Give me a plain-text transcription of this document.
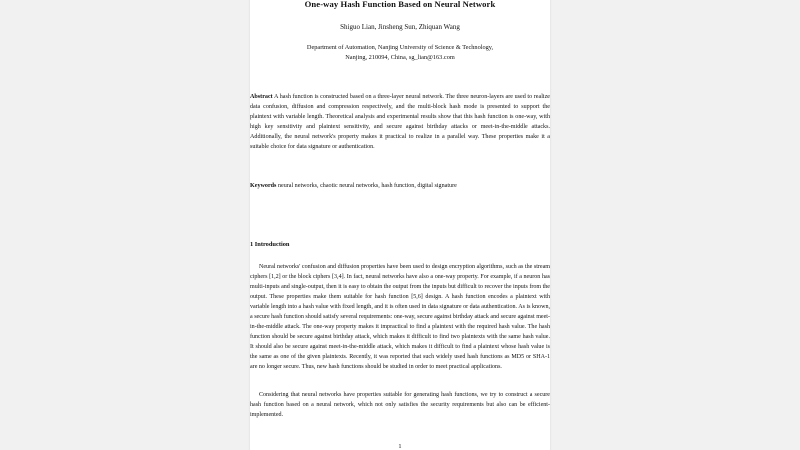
One-way Hash Function Based on Neural Network
Shiguo Lian, Jinsheng Sun, Zhiquan Wang
Department of Automation, Nanjing University of Science & Technology,
Nanjing, 210094, China, sg_lian@163.com
Abstract A hash function is constructed based on a three-layer neural network. The three neuron-layers are used to realize data confusion, diffusion and compression respectively, and the multi-block hash mode is presented to support the plaintext with variable length. Theoretical analysis and experimental results show that this hash function is one-way, with high key sensitivity and plaintext sensitivity, and secure against birthday attacks or meet-in-the-middle attacks. Additionally, the neural network's property makes it practical to realize in a parallel way. These properties make it a suitable choice for data signature or authentication.
Keywords neural networks, chaotic neural networks, hash function, digital signature
1 Introduction
Neural networks' confusion and diffusion properties have been used to design encryption algorithms, such as the stream ciphers [1,2] or the block ciphers [3,4]. In fact, neural networks have also a one-way property. For example, if a neuron has multi-inputs and single-output, then it is easy to obtain the output from the inputs but difficult to recover the inputs from the output. These properties make them suitable for hash function [5,6] design. A hash function encodes a plaintext with variable length into a hash value with fixed length, and it is often used in data signature or data authentication. As is known, a secure hash function should satisfy several requirements: one-way, secure against birthday attack and secure against meet-in-the-middle attack. The one-way property makes it impractical to find a plaintext with the required hash value. The hash function should be secure against birthday attack, which makes it difficult to find two plaintexts with the same hash value. It should also be secure against meet-in-the-middle attack, which makes it difficult to find a plaintext whose hash value is the same as one of the given plaintexts. Recently, it was reported that such widely used hash functions as MD5 or SHA-1 are no longer secure. Thus, new hash functions should be studied in order to meet practical applications.
Considering that neural networks have properties suitable for generating hash functions, we try to construct a secure hash function based on a neural network, which not only satisfies the security requirements but also can be efficient-implemented.
1
